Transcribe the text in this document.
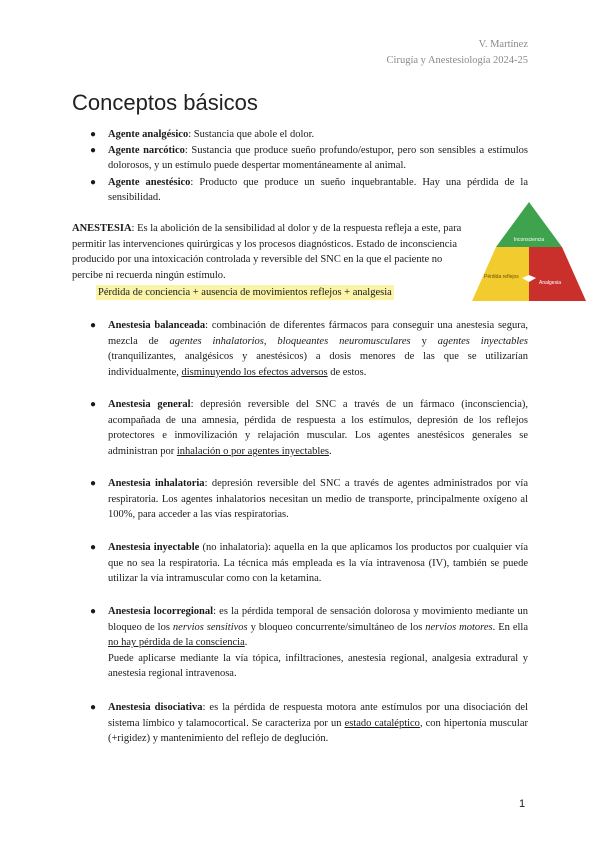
V. Martínez
Cirugía y Anestesiología 2024-25
Conceptos básicos
● Agente analgésico: Sustancia que abole el dolor.
● Agente narcótico: Sustancia que produce sueño profundo/estupor, pero son sensibles a estímulos dolorosos, y un estímulo puede despertar momentáneamente al animal.
● Agente anestésico: Producto que produce un sueño inquebrantable. Hay una pérdida de la sensibilidad.
ANESTESIA: Es la abolición de la sensibilidad al dolor y de la respuesta refleja a este, para permitir las intervenciones quirúrgicas y los procesos diagnósticos. Estado de inconsciencia producido por una intoxicación controlada y reversible del SNC en la que el paciente no percibe ni recuerda ningún estímulo.
Pérdida de conciencia + ausencia de movimientos reflejos + analgesia
Inconsciencia
Pérdida reflejos
Analgesia
● Anestesia balanceada: combinación de diferentes fármacos para conseguir una anestesia segura, mezcla de agentes inhalatorios, bloqueantes neuromusculares y agentes inyectables (tranquilizantes, analgésicos y anestésicos) a dosis menores de las que se utilizarían individualmente, disminuyendo los efectos adversos de estos.
● Anestesia general: depresión reversible del SNC a través de un fármaco (inconsciencia), acompañada de una amnesia, pérdida de respuesta a los estímulos, depresión de los reflejos protectores e inmovilización y relajación muscular. Los agentes anestésicos generales se administran por inhalación o por agentes inyectables.
● Anestesia inhalatoria: depresión reversible del SNC a través de agentes administrados por vía respiratoria. Los agentes inhalatorios necesitan un medio de transporte, principalmente oxígeno al 100%, para acceder a las vías respiratorias.
● Anestesia inyectable (no inhalatoria): aquella en la que aplicamos los productos por cualquier vía que no sea la respiratoria. La técnica más empleada es la vía intravenosa (IV), también se puede utilizar la vía intramuscular como con la ketamina.
● Anestesia locorregional: es la pérdida temporal de sensación dolorosa y movimiento mediante un bloqueo de los nervios sensitivos y bloqueo concurrente/simultáneo de los nervios motores. En ella no hay pérdida de la consciencia.
Puede aplicarse mediante la vía tópica, infiltraciones, anestesia regional, analgesia extradural y anestesia regional intravenosa.
● Anestesia disociativa: es la pérdida de respuesta motora ante estímulos por una disociación del sistema límbico y talamocortical. Se caracteriza por un estado cataléptico, con hipertonía muscular (+rigidez) y mantenimiento del reflejo de deglución.
1
